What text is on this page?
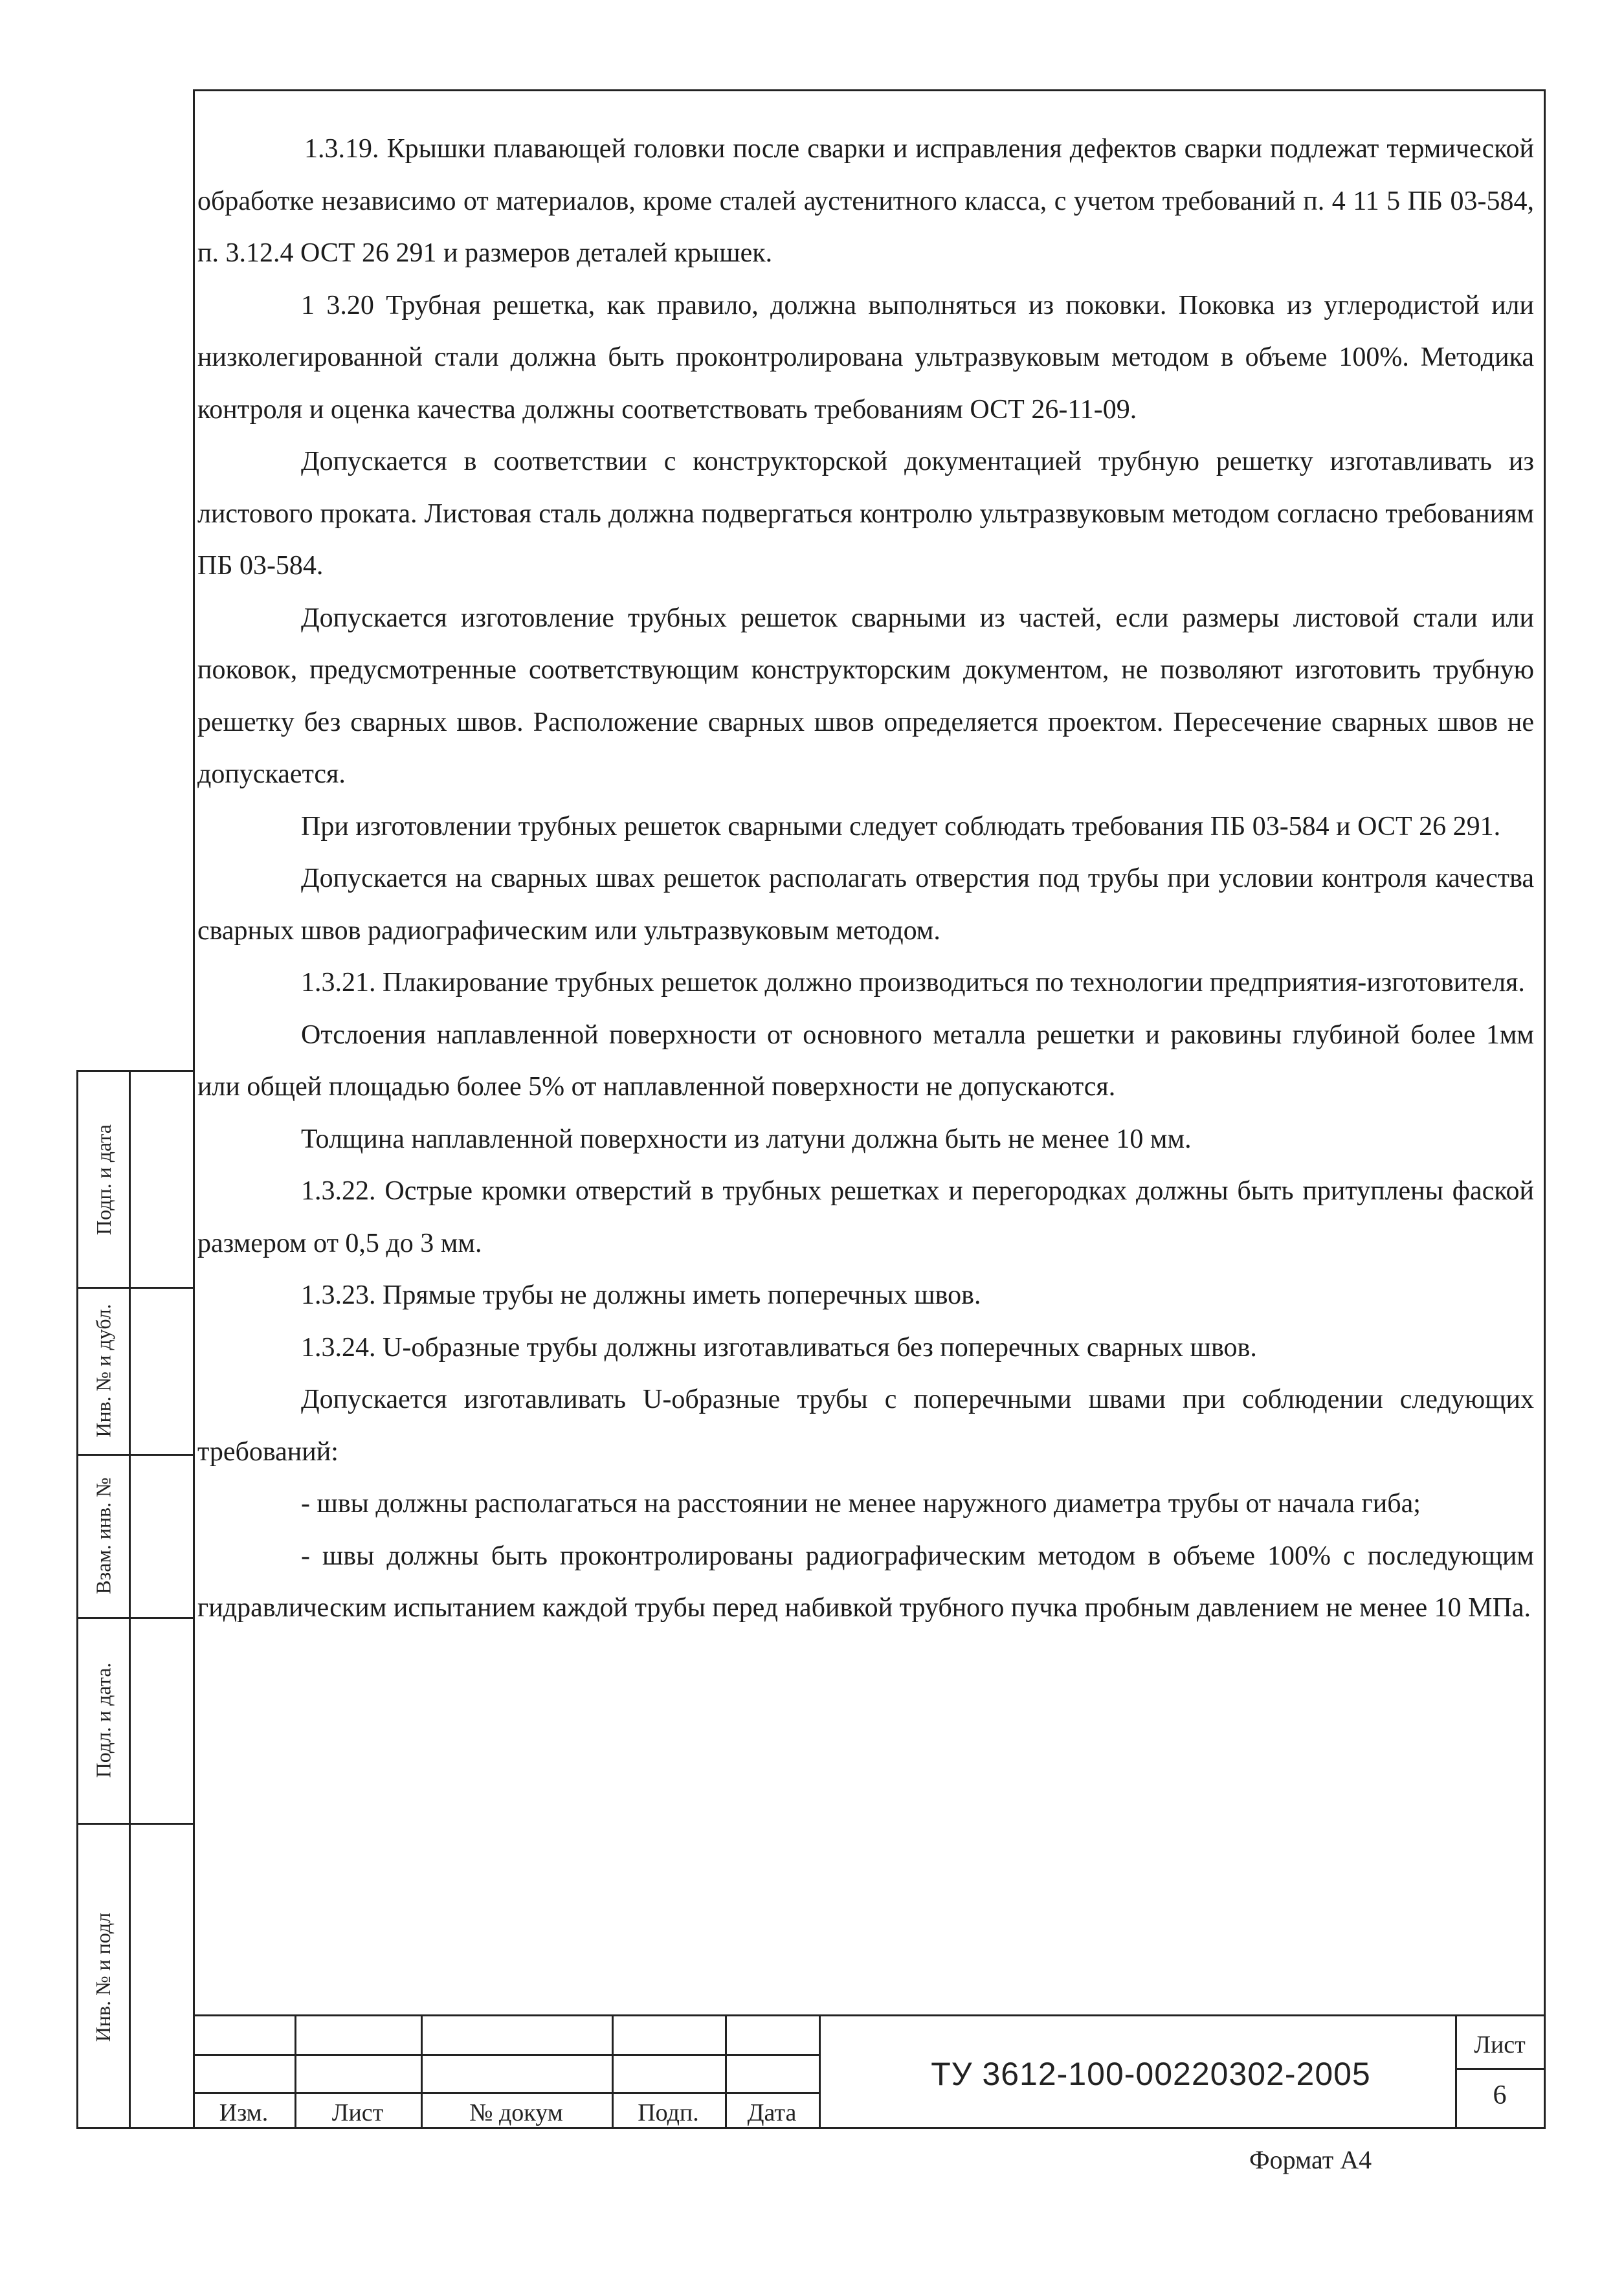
1.3.19. Крышки плавающей головки после сварки и исправления дефектов сварки подлежат термической обработке независимо от материалов, кроме сталей аустенитного класса, с учетом требований п. 4 11 5 ПБ 03-584, п. 3.12.4 ОСТ 26 291 и размеров деталей крышек.

1 3.20 Трубная решетка, как правило, должна выполняться из поковки. Поковка из углеродистой или низколегированной стали должна быть проконтролирована ультразвуковым методом в объеме 100%. Методика контроля и оценка качества должны соответствовать требованиям ОСТ 26-11-09.

Допускается в соответствии с конструкторской документацией трубную решетку изготавливать из листового проката. Листовая сталь должна подвергаться контролю ультразвуковым методом согласно требованиям ПБ 03-584.

Допускается изготовление трубных решеток сварными из частей, если размеры листовой стали или поковок, предусмотренные соответствующим конструкторским документом, не позволяют изготовить трубную решетку без сварных швов. Расположение сварных швов определяется проектом. Пересечение сварных швов не допускается.

При изготовлении трубных решеток сварными следует соблюдать требования ПБ 03-584 и ОСТ 26 291.

Допускается на сварных швах решеток располагать отверстия под трубы при условии контроля качества сварных швов радиографическим или ультразвуковым методом.

1.3.21. Плакирование трубных решеток должно производиться по технологии предприятия-изготовителя.

Отслоения наплавленной поверхности от основного металла решетки и раковины глубиной более 1мм или общей площадью более 5% от наплавленной поверхности не допускаются.

Толщина наплавленной поверхности из латуни должна быть не менее 10 мм.

1.3.22. Острые кромки отверстий в трубных решетках и перегородках должны быть притуплены фаской размером от 0,5 до 3 мм.

1.3.23. Прямые трубы не должны иметь поперечных швов.

1.3.24. U-образные трубы должны изготавливаться без поперечных сварных швов.

Допускается изготавливать U-образные трубы с поперечными швами при соблюдении следующих требований:

- швы должны располагаться на расстоянии не менее наружного диаметра трубы от начала гиба;

- швы должны быть проконтролированы радиографическим методом в объеме 100% с последующим гидравлическим испытанием каждой трубы перед набивкой трубного пучка пробным давлением не менее 10 МПа.

Подп. и дата
Инв. № и дубл.
Взам. инв. №
Подл. и дата.
Инв. № и подл
Изм.	Лист	№ докум	Подп.	Дата
ТУ 3612-100-00220302-2005
Лист
6
Формат А4
